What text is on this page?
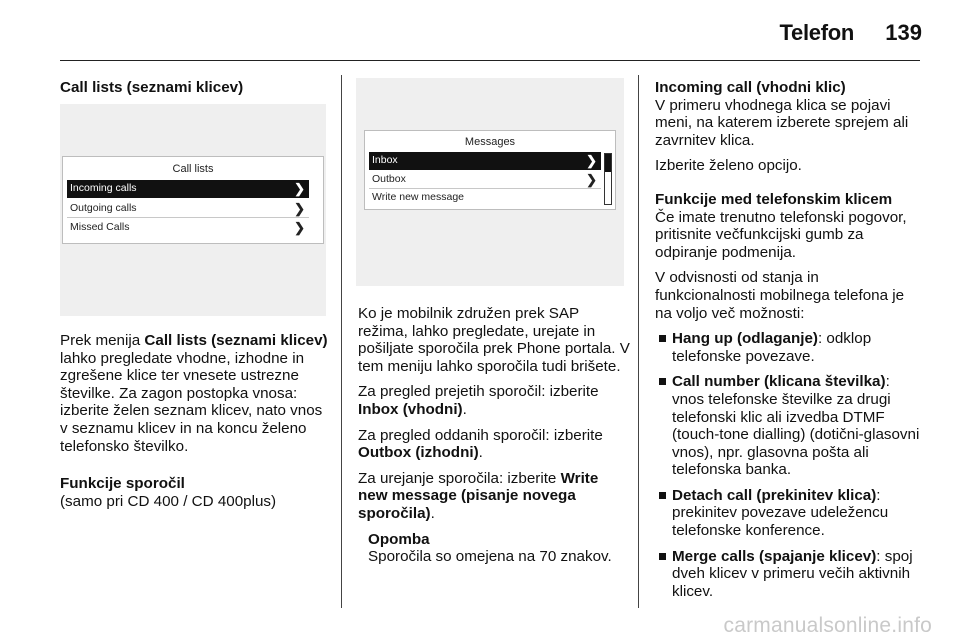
Telefon 139

Call lists (seznami klicev)

Call lists
Incoming calls	❯
Outgoing calls	❯
Missed Calls	❯

Prek menija Call lists (seznami klicev) lahko pregledate vhodne, izhodne in zgrešene klice ter vnesete ustrezne številke. Za zagon postopka vnosa: izberite želen seznam klicev, nato vnos v seznamu klicev in na koncu želeno telefonsko številko.

Funkcije sporočil

(samo pri CD 400 / CD 400plus)

Messages
Inbox	❯
Outbox	❯
Write new message

Ko je mobilnik združen prek SAP režima, lahko pregledate, urejate in pošiljate sporočila prek Phone portala. V tem meniju lahko sporočila tudi brišete.

Za pregled prejetih sporočil: izberite Inbox (vhodni).

Za pregled oddanih sporočil: izberite Outbox (izhodni).

Za urejanje sporočila: izberite Write new message (pisanje novega sporočila).

Opomba

Sporočila so omejena na 70 znakov.

Incoming call (vhodni klic)

V primeru vhodnega klica se pojavi meni, na katerem izberete sprejem ali zavrnitev klica.

Izberite želeno opcijo.

Funkcije med telefonskim klicem

Če imate trenutno telefonski pogovor, pritisnite večfunkcijski gumb za odpiranje podmenija.

V odvisnosti od stanja in funkcionalnosti mobilnega telefona je na voljo več možnosti:

Hang up (odlaganje): odklop telefonske povezave.
Call number (klicana številka): vnos telefonske številke za drugi telefonski klic ali izvedba DTMF (touch-tone dialling) (dotični-glasovni vnos), npr. glasovna pošta ali telefonska banka.
Detach call (prekinitev klica): prekinitev povezave udeležencu telefonske konference.
Merge calls (spajanje klicev): spoj dveh klicev v primeru večih aktivnih klicev.
carmanualsonline.info
